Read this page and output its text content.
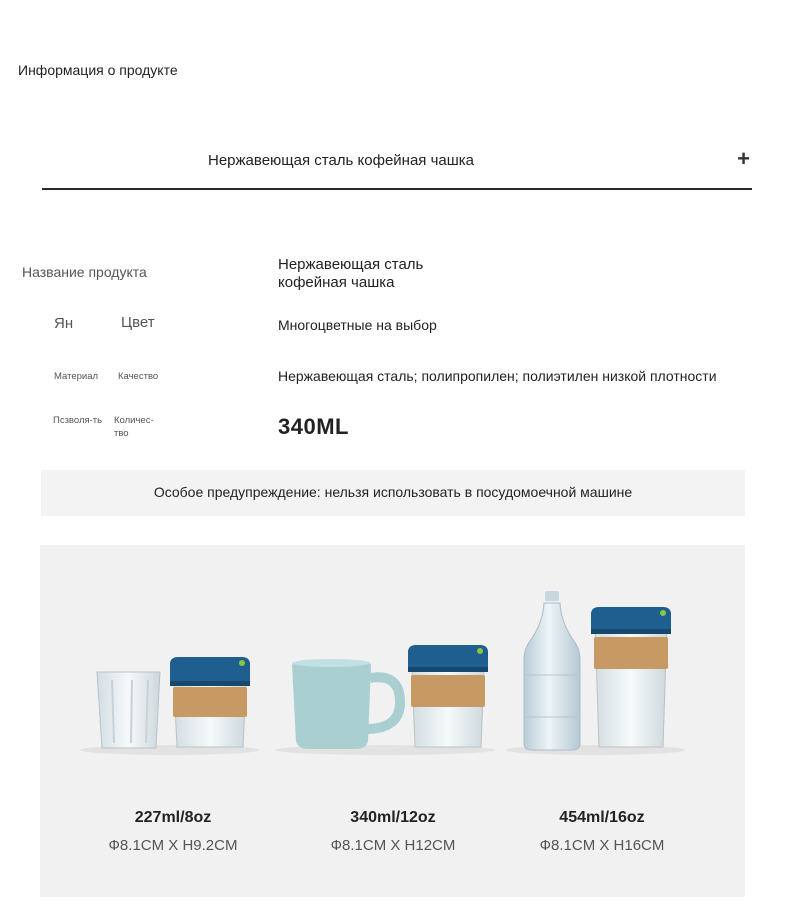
Информация о продукте
Нержавеющая сталь кофейная чашка	+
Название продукта	Нержавеющая сталь
кофейная чашка
Ян	Цвет	Многоцветные на выбор
Материал Качество	Нержавеющая сталь; полипропилен; полиэтилен низкой плотности
Псзволя-ть Количес-тво	340ML
Особое предупреждение: нельзя использовать в посудомоечной машине
227ml/8oz
Ф8.1CM X H9.2CM
340ml/12oz
Ф8.1CM X H12CM
454ml/16oz
Ф8.1CM X H16CM
